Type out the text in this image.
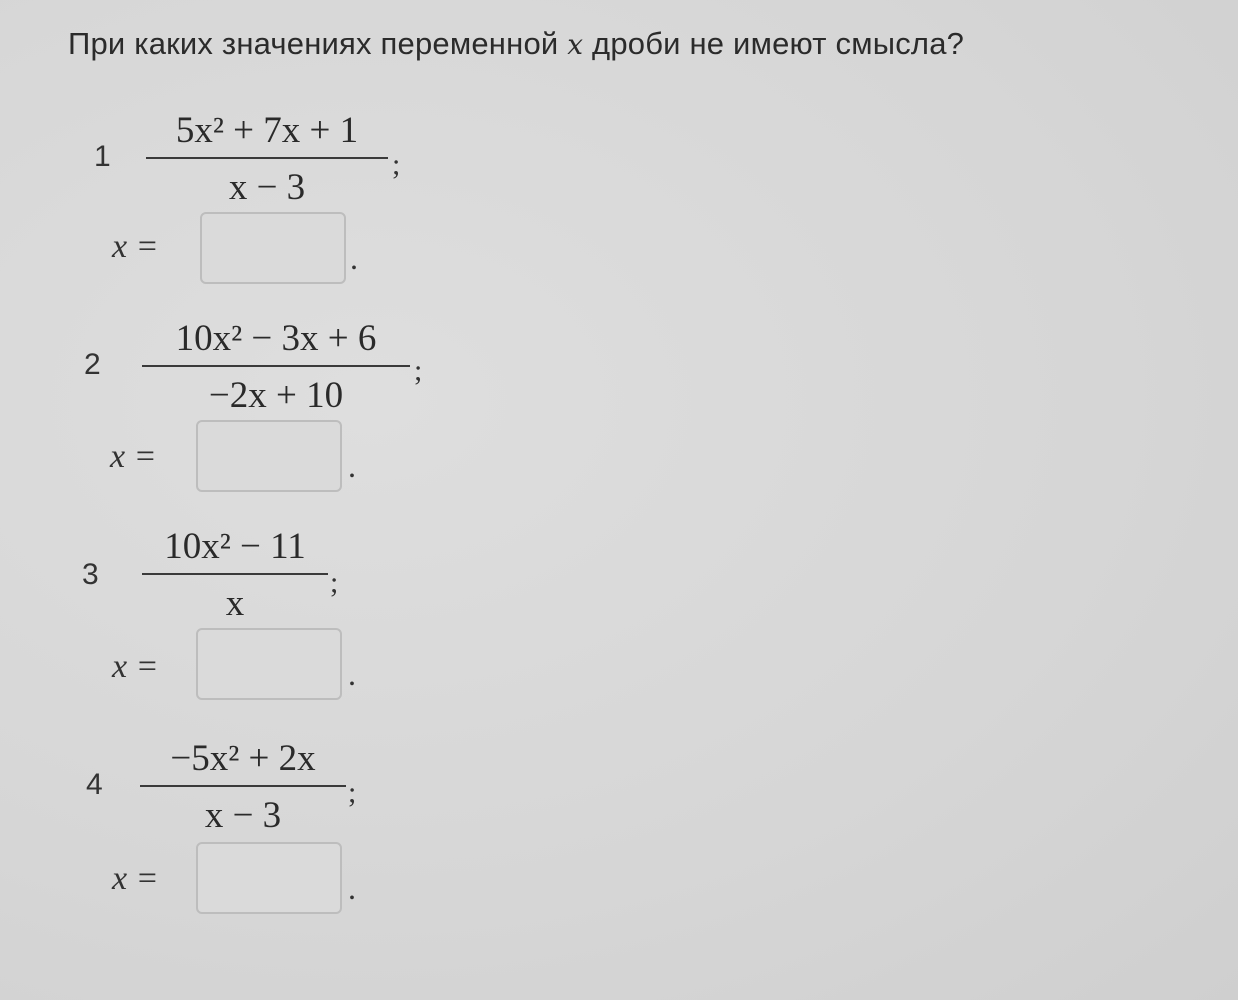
При каких значениях переменной x дроби не имеют смысла?
1
5x² + 7x + 1
x − 3
;
x =	.
2
10x² − 3x + 6
−2x + 10
;
x =	.
3
10x² − 11
x
;
x =	.
4
−5x² + 2x
x − 3
;
x =	.
